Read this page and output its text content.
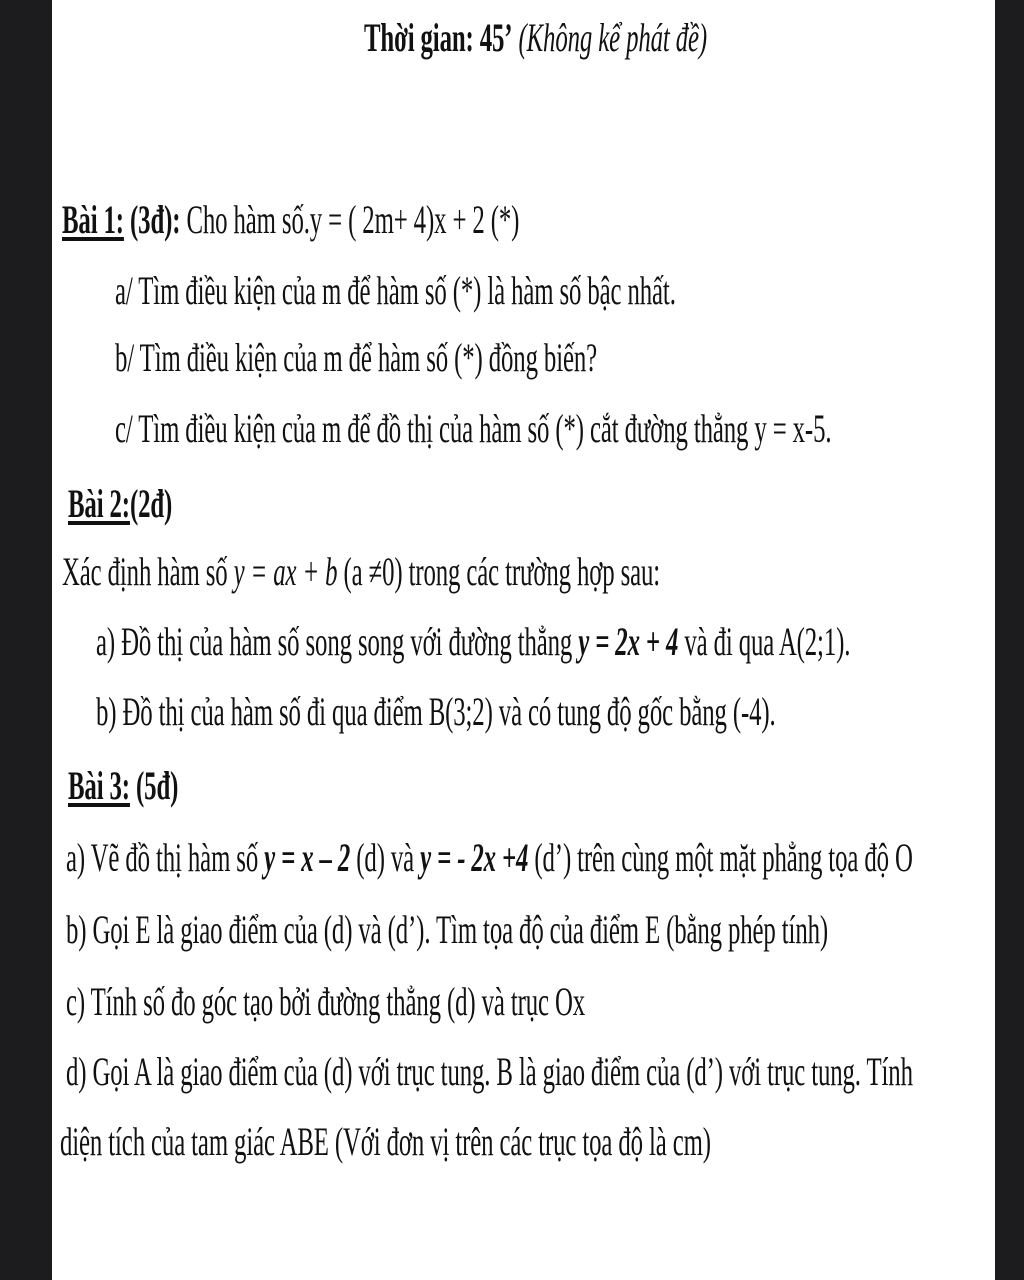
Thời gian: 45’ (Không kể phát đề)
Bài 1: (3đ): Cho hàm số.y = ( 2m+ 4)x + 2 (*)
a/ Tìm điều kiện của m để hàm số (*) là hàm số bậc nhất.
b/ Tìm điều kiện của m để hàm số (*) đồng biến?
c/ Tìm điều kiện của m để đồ thị của hàm số (*) cắt đường thẳng y = x-5.
Bài 2:(2đ)
Xác định hàm số y = ax + b (a ≠0) trong các trường hợp sau:
a) Đồ thị của hàm số song song với đường thẳng y = 2x + 4 và đi qua A(2;1).
b) Đồ thị của hàm số đi qua điểm B(3;2) và có tung độ gốc bằng (-4).
Bài 3: (5đ)
a) Vẽ đồ thị hàm số y = x – 2 (d) và y = - 2x +4 (d’) trên cùng một mặt phẳng tọa độ O
b) Gọi E là giao điểm của (d) và (d’). Tìm tọa độ của điểm E (bằng phép tính)
c) Tính số đo góc tạo bởi đường thẳng (d) và trục Ox
d) Gọi A là giao điểm của (d) với trục tung. B là giao điểm của (d’) với trục tung. Tính
diện tích của tam giác ABE (Với đơn vị trên các trục tọa độ là cm)
